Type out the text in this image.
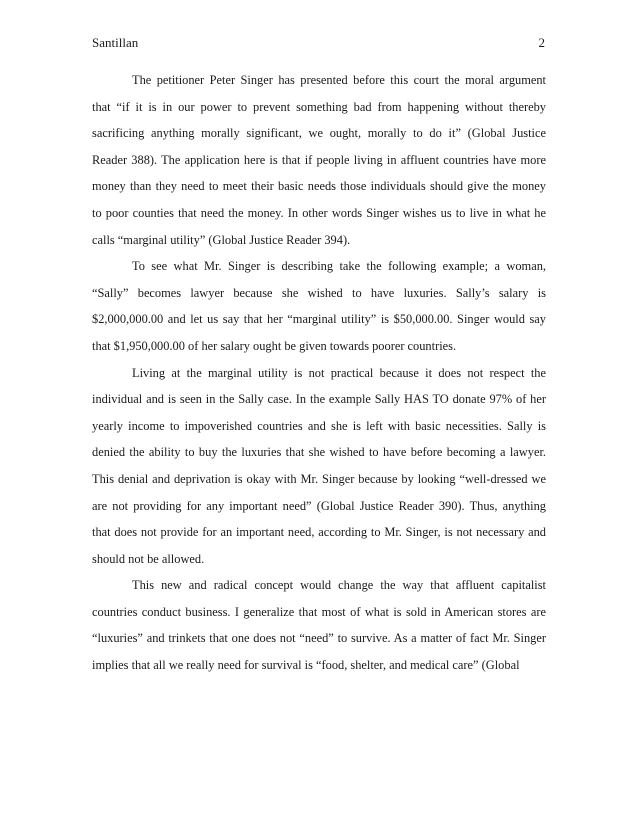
Santillan	2
The petitioner Peter Singer has presented before this court the moral argument
that “if it is in our power to prevent something bad from happening without thereby
sacrificing anything morally significant, we ought, morally to do it” (Global Justice
Reader 388). The application here is that if people living in affluent countries have more
money than they need to meet their basic needs those individuals should give the money
to poor counties that need the money. In other words Singer wishes us to live in what he
calls “marginal utility” (Global Justice Reader 394).
To see what Mr. Singer is describing take the following example; a woman,
“Sally” becomes lawyer because she wished to have luxuries. Sally’s salary is
$2,000,000.00 and let us say that her “marginal utility” is $50,000.00. Singer would say
that $1,950,000.00 of her salary ought be given towards poorer countries.
Living at the marginal utility is not practical because it does not respect the
individual and is seen in the Sally case. In the example Sally HAS TO donate 97% of her
yearly income to impoverished countries and she is left with basic necessities. Sally is
denied the ability to buy the luxuries that she wished to have before becoming a lawyer.
This denial and deprivation is okay with Mr. Singer because by looking “well-dressed we
are not providing for any important need” (Global Justice Reader 390). Thus, anything
that does not provide for an important need, according to Mr. Singer, is not necessary and
should not be allowed.
This new and radical concept would change the way that affluent capitalist
countries conduct business. I generalize that most of what is sold in American stores are
“luxuries” and trinkets that one does not “need” to survive. As a matter of fact Mr. Singer
implies that all we really need for survival is “food, shelter, and medical care” (Global
